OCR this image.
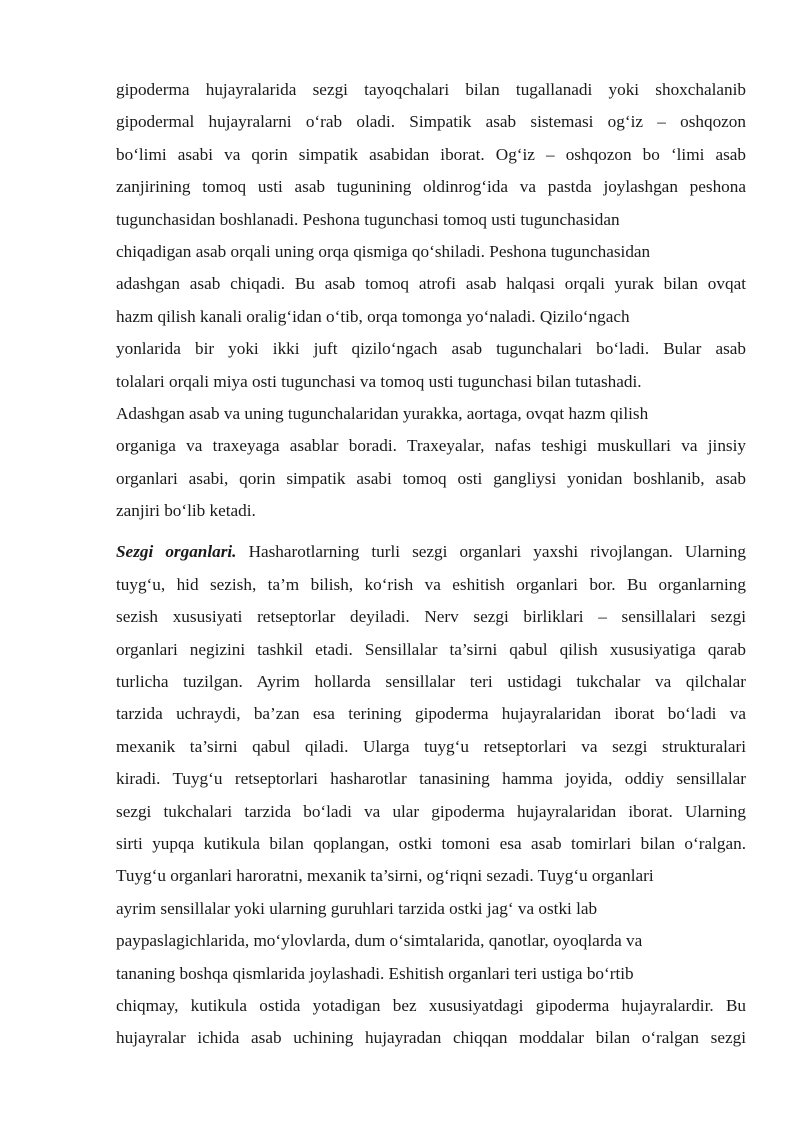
gipoderma hujayralarida sezgi tayoqchalari bilan tugallanadi yoki shoxchalanib
gipodermal hujayralarni o‘rab oladi. Simpatik asab sistemasi og‘iz – oshqozon
bo‘limi asabi va qorin simpatik asabidan iborat. Og‘iz – oshqozon bo ‘limi asab
zanjirining tomoq usti asab tugunining oldinrog‘ida va pastda joylashgan peshona
tugunchasidan boshlanadi. Peshona tugunchasi tomoq usti tugunchasidan
chiqadigan asab orqali uning orqa qismiga qo‘shiladi. Peshona tugunchasidan
adashgan asab chiqadi. Bu asab tomoq atrofi asab halqasi orqali yurak bilan ovqat
hazm qilish kanali oralig‘idan o‘tib, orqa tomonga yo‘naladi. Qizilo‘ngach
yonlarida bir yoki ikki juft qizilo‘ngach asab tugunchalari bo‘ladi. Bular asab
tolalari orqali miya osti tugunchasi va tomoq usti tugunchasi bilan tutashadi.
Adashgan asab va uning tugunchalaridan yurakka, aortaga, ovqat hazm qilish
organiga va traxeyaga asablar boradi. Traxeyalar, nafas teshigi muskullari va jinsiy
organlari asabi, qorin simpatik asabi tomoq osti gangliysi yonidan boshlanib, asab
zanjiri bo‘lib ketadi.
Sezgi organlari. Hasharotlarning turli sezgi organlari yaxshi rivojlangan. Ularning
tuyg‘u, hid sezish, ta’m bilish, ko‘rish va eshitish organlari bor. Bu organlarning
sezish xususiyati retseptorlar deyiladi. Nerv sezgi birliklari – sensillalari sezgi
organlari negizini tashkil etadi. Sensillalar ta’sirni qabul qilish xususiyatiga qarab
turlicha tuzilgan. Ayrim hollarda sensillalar teri ustidagi tukchalar va qilchalar
tarzida uchraydi, ba’zan esa terining gipoderma hujayralaridan iborat bo‘ladi va
mexanik ta’sirni qabul qiladi. Ularga tuyg‘u retseptorlari va sezgi strukturalari
kiradi. Tuyg‘u retseptorlari hasharotlar tanasining hamma joyida, oddiy sensillalar
sezgi tukchalari tarzida bo‘ladi va ular gipoderma hujayralaridan iborat. Ularning
sirti yupqa kutikula bilan qoplangan, ostki tomoni esa asab tomirlari bilan o‘ralgan.
Tuyg‘u organlari haroratni, mexanik ta’sirni, og‘riqni sezadi. Tuyg‘u organlari
ayrim sensillalar yoki ularning guruhlari tarzida ostki jag‘ va ostki lab
paypaslagichlarida, mo‘ylovlarda, dum o‘simtalarida, qanotlar, oyoqlarda va
tananing boshqa qismlarida joylashadi. Eshitish organlari teri ustiga bo‘rtib
chiqmay, kutikula ostida yotadigan bez xususiyatdagi gipoderma hujayralardir. Bu
hujayralar ichida asab uchining hujayradan chiqqan moddalar bilan o‘ralgan sezgi
